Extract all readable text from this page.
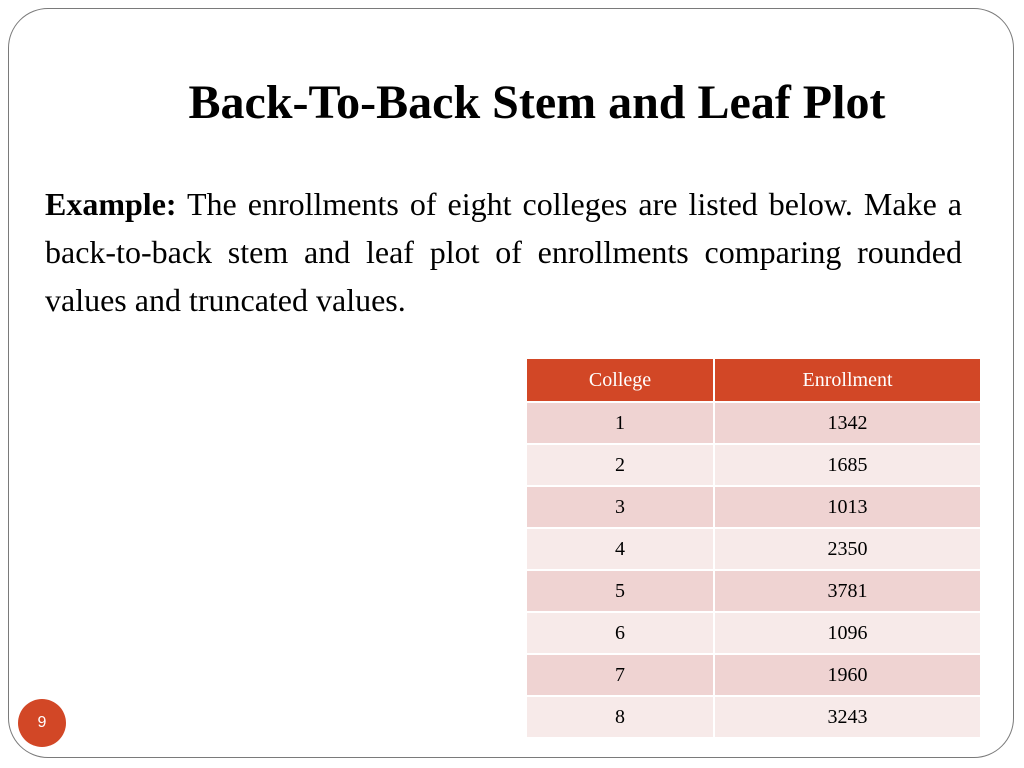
Back-To-Back Stem and Leaf Plot
Example: The enrollments of eight colleges are listed below. Make a back-to-back stem and leaf plot of enrollments comparing rounded values and truncated values.
College	Enrollment
1	1342
2	1685
3	1013
4	2350
5	3781
6	1096
7	1960
8	3243
9
